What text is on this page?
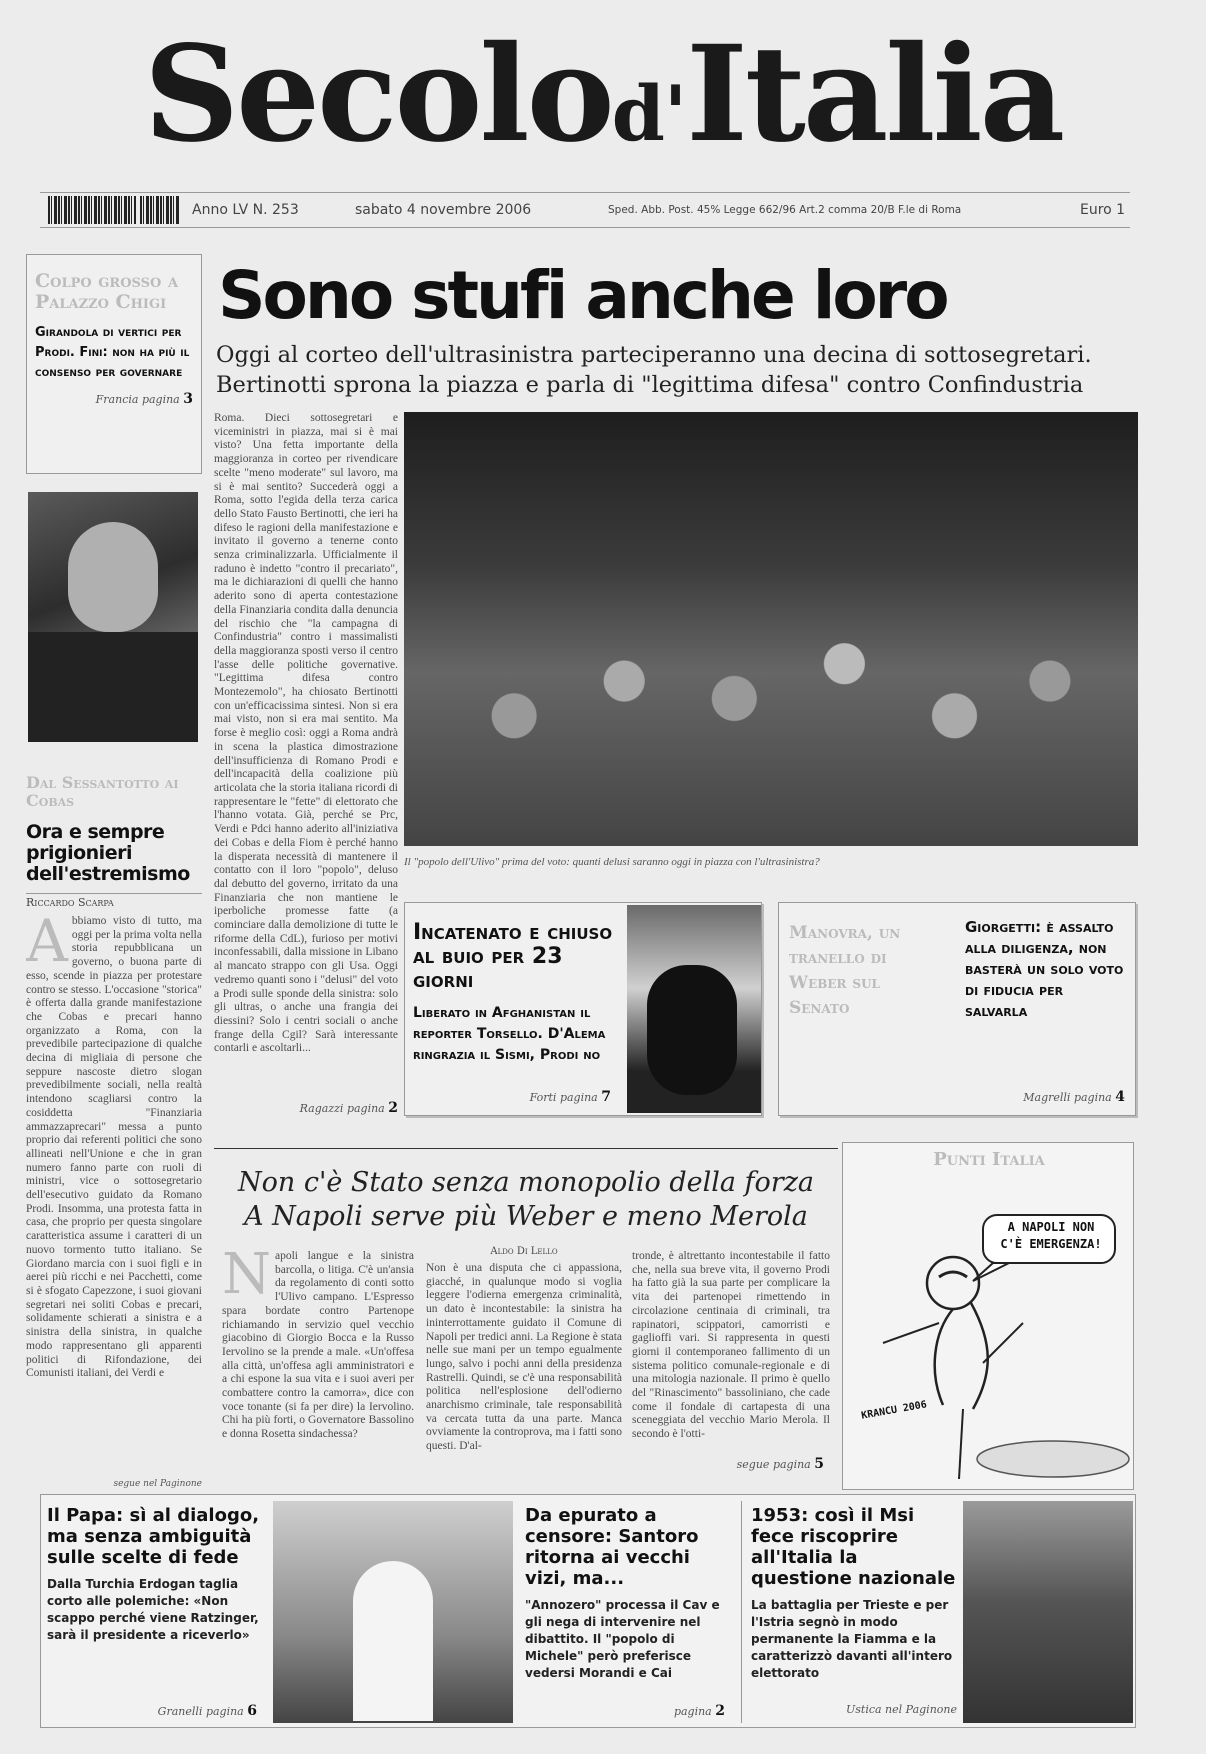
Secolod'Italia
Anno LV N. 253	sabato 4 novembre 2006	Sped. Abb. Post. 45% Legge 662/96 Art.2 comma 20/B F.le di Roma	Euro 1
Colpo grosso a Palazzo Chigi
Girandola di vertici per Prodi. Fini: non ha più il consenso per governare
Francia pagina 3
Dal Sessantotto ai Cobas
Ora e sempre prigionieri dell'estremismo
Riccardo Scarpa
Abbiamo visto di tutto, ma oggi per la prima volta nella storia repubblicana un governo, o buona parte di esso, scende in piazza per protestare contro se stesso. L'occasione "storica" è offerta dalla grande manifestazione che Cobas e precari hanno organizzato a Roma, con la prevedibile partecipazione di qualche decina di migliaia di persone che seppure nascoste dietro slogan prevedibilmente sociali, nella realtà intendono scagliarsi contro la cosiddetta "Finanziaria ammazzaprecari" messa a punto proprio dai referenti politici che sono allineati nell'Unione e che in gran numero fanno parte con ruoli di ministri, vice o sottosegretario dell'esecutivo guidato da Romano Prodi. Insomma, una protesta fatta in casa, che proprio per questa singolare caratteristica assume i caratteri di un nuovo tormento tutto italiano. Se Giordano marcia con i suoi figli e in aerei più ricchi e nei Pacchetti, come si è sfogato Capezzone, i suoi giovani segretari nei soliti Cobas e precari, solidamente schierati a sinistra e a sinistra della sinistra, in qualche modo rappresentano gli apparenti politici di Rifondazione, dei Comunisti italiani, dei Verdi e
segue nel Paginone
Sono stufi anche loro
Oggi al corteo dell'ultrasinistra parteciperanno una decina di sottosegretari.
Bertinotti sprona la piazza e parla di "legittima difesa" contro Confindustria
Roma. Dieci sottosegretari e viceministri in piazza, mai si è mai visto? Una fetta importante della maggioranza in corteo per rivendicare scelte "meno moderate" sul lavoro, ma si è mai sentito? Succederà oggi a Roma, sotto l'egida della terza carica dello Stato Fausto Bertinotti, che ieri ha difeso le ragioni della manifestazione e invitato il governo a tenerne conto senza criminalizzarla. Ufficialmente il raduno è indetto "contro il precariato", ma le dichiarazioni di quelli che hanno aderito sono di aperta contestazione della Finanziaria condita dalla denuncia del rischio che "la campagna di Confindustria" contro i massimalisti della maggioranza sposti verso il centro l'asse delle politiche governative. "Legittima difesa contro Montezemolo", ha chiosato Bertinotti con un'efficacissima sintesi. Non si era mai visto, non si era mai sentito. Ma forse è meglio così: oggi a Roma andrà in scena la plastica dimostrazione dell'insufficienza di Romano Prodi e dell'incapacità della coalizione più articolata che la storia italiana ricordi di rappresentare le "fette" di elettorato che l'hanno votata. Già, perché se Prc, Verdi e Pdci hanno aderito all'iniziativa dei Cobas e della Fiom è perché hanno la disperata necessità di mantenere il contatto con il loro "popolo", deluso dal debutto del governo, irritato da una Finanziaria che non mantiene le iperboliche promesse fatte (a cominciare dalla demolizione di tutte le riforme della CdL), furioso per motivi inconfessabili, dalla missione in Libano al mancato strappo con gli Usa. Oggi vedremo quanti sono i "delusi" del voto a Prodi sulle sponde della sinistra: solo gli ultras, o anche una frangia dei diessini? Solo i centri sociali o anche frange della Cgil? Sarà interessante contarli e ascoltarli...
Ragazzi pagina 2
Il "popolo dell'Ulivo" prima del voto: quanti delusi saranno oggi in piazza con l'ultrasinistra?
Incatenato e chiuso al buio per 23 giorni
Liberato in Afghanistan il reporter Torsello. D'Alema ringrazia il Sismi, Prodi no
Forti pagina 7
Manovra, un tranello di Weber sul Senato
Giorgetti: è assalto alla diligenza, non basterà un solo voto di fiducia per salvarla
Magrelli pagina 4
Non c'è Stato senza monopolio della forza
A Napoli serve più Weber e meno Merola
Napoli langue e la sinistra barcolla, o litiga. C'è un'ansia da regolamento di conti sotto l'Ulivo campano. L'Espresso spara bordate contro Partenope richiamando in servizio quel vecchio giacobino di Giorgio Bocca e la Russo Iervolino se la prende a male. «Un'offesa alla città, un'offesa agli amministratori e a chi espone la sua vita e i suoi averi per combattere contro la camorra», dice con voce tonante (si fa per dire) la Iervolino. Chi ha più forti, o Governatore Bassolino e donna Rosetta sindachessa?
Aldo Di Lello
Non è una disputa che ci appassiona, giacché, in qualunque modo si voglia leggere l'odierna emergenza criminalità, un dato è incontestabile: la sinistra ha ininterrottamente guidato il Comune di Napoli per tredici anni. La Regione è stata nelle sue mani per un tempo egualmente lungo, salvo i pochi anni della presidenza Rastrelli. Quindi, se c'è una responsabilità politica nell'esplosione dell'odierno anarchismo criminale, tale responsabilità va cercata tutta da una parte. Manca ovviamente la controprova, ma i fatti sono questi. D'al-
tronde, è altrettanto incontestabile il fatto che, nella sua breve vita, il governo Prodi ha fatto già la sua parte per complicare la vita dei partenopei rimettendo in circolazione centinaia di criminali, tra rapinatori, scippatori, camorristi e gaglioffi vari. Si rappresenta in questi giorni il contemporaneo fallimento di un sistema politico comunale-regionale e di una mitologia nazionale. Il primo è quello del "Rinascimento" bassoliniano, che cade come il fondale di cartapesta di una sceneggiata del vecchio Mario Merola. Il secondo è l'otti-
segue pagina 5
Punti Italia
A NAPOLI NON
C'È EMERGENZA!
KRANCU 2006
Il Papa: sì al dialogo, ma senza ambiguità sulle scelte di fede
Dalla Turchia Erdogan taglia corto alle polemiche: «Non scappo perché viene Ratzinger, sarà il presidente a riceverlo»
Granelli pagina 6
Da epurato a censore: Santoro ritorna ai vecchi vizi, ma...
"Annozero" processa il Cav e gli nega di intervenire nel dibattito. Il "popolo di Michele" però preferisce vedersi Morandi e Cai
pagina 2
1953: così il Msi fece riscoprire all'Italia la questione nazionale
La battaglia per Trieste e per l'Istria segnò in modo permanente la Fiamma e la caratterizzò davanti all'intero elettorato
Ustica nel Paginone
